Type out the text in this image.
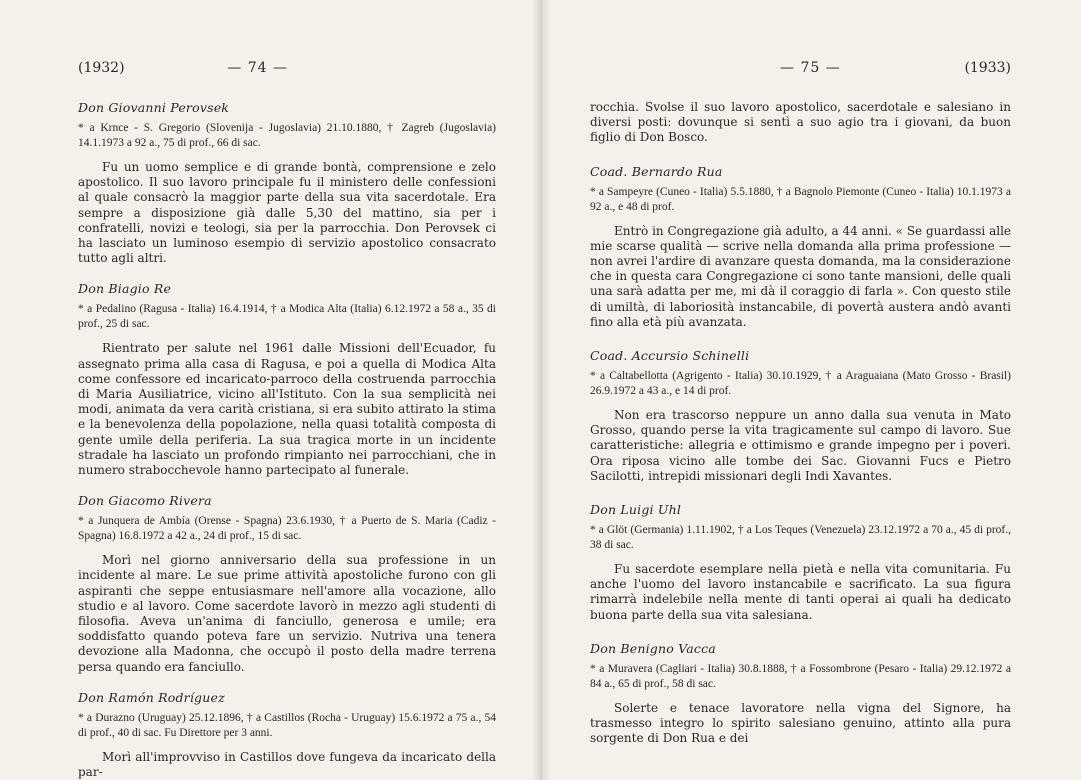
(1932)	— 74 —

Don Giovanni Perovsek

* a Krnce - S. Gregorio (Slovenija - Jugoslavia) 21.10.1880, † Zagreb (Jugoslavia) 14.1.1973 a 92 a., 75 di prof., 66 di sac.

Fu un uomo semplice e di grande bontà, comprensione e zelo apostolico. Il suo lavoro principale fu il ministero delle confessioni al quale consacrò la maggior parte della sua vita sacerdotale. Era sempre a disposizione già dalle 5,30 del mattino, sia per i confratelli, novizi e teologi, sia per la parrocchia. Don Perovsek ci ha lasciato un luminoso esempio di servizio apostolico consacrato tutto agli altri.

Don Biagio Re

* a Pedalino (Ragusa - Italia) 16.4.1914, † a Modica Alta (Italia) 6.12.1972 a 58 a., 35 di prof., 25 di sac.

Rientrato per salute nel 1961 dalle Missioni dell'Ecuador, fu assegnato prima alla casa di Ragusa, e poi a quella di Modica Alta come confessore ed incaricato-parroco della costruenda parrocchia di Maria Ausiliatrice, vicino all'Istituto. Con la sua semplicità nei modi, animata da vera carità cristiana, si era subito attirato la stima e la benevolenza della popolazione, nella quasi totalità composta di gente umile della periferia. La sua tragica morte in un incidente stradale ha lasciato un profondo rimpianto nei parrocchiani, che in numero strabocchevole hanno partecipato al funerale.

Don Giacomo Rivera

* a Junquera de Ambía (Orense - Spagna) 23.6.1930, † a Puerto de S. Maria (Cadiz - Spagna) 16.8.1972 a 42 a., 24 di prof., 15 di sac.

Morì nel giorno anniversario della sua professione in un incidente al mare. Le sue prime attività apostoliche furono con gli aspiranti che seppe entusiasmare nell'amore alla vocazione, allo studio e al lavoro. Come sacerdote lavorò in mezzo agli studenti di filosofia. Aveva un'anima di fanciullo, generosa e umile; era soddisfatto quando poteva fare un servizio. Nutriva una tenera devozione alla Madonna, che occupò il posto della madre terrena persa quando era fanciullo.

Don Ramón Rodríguez

* a Durazno (Uruguay) 25.12.1896, † a Castillos (Rocha - Uruguay) 15.6.1972 a 75 a., 54 di prof., 40 di sac. Fu Direttore per 3 anni.

Morì all'improvviso in Castillos dove fungeva da incaricato della par-

— 75 —	(1933)

rocchia. Svolse il suo lavoro apostolico, sacerdotale e salesiano in diversi posti: dovunque si sentì a suo agio tra i giovani, da buon figlio di Don Bosco.

Coad. Bernardo Rua

* a Sampeyre (Cuneo - Italia) 5.5.1880, † a Bagnolo Piemonte (Cuneo - Italia) 10.1.1973 a 92 a., e 48 di prof.

Entrò in Congregazione già adulto, a 44 anni. « Se guardassi alle mie scarse qualità — scrive nella domanda alla prima professione — non avrei l'ardire di avanzare questa domanda, ma la considerazione che in questa cara Congregazione ci sono tante mansioni, delle quali una sarà adatta per me, mi dà il coraggio di farla ». Con questo stile di umiltà, di laboriosità instancabile, di povertà austera andò avanti fino alla età più avanzata.

Coad. Accursio Schinelli

* a Caltabellotta (Agrigento - Italia) 30.10.1929, † a Araguaiana (Mato Grosso - Brasil) 26.9.1972 a 43 a., e 14 di prof.

Non era trascorso neppure un anno dalla sua venuta in Mato Grosso, quando perse la vita tragicamente sul campo di lavoro. Sue caratteristiche: allegria e ottimismo e grande impegno per i poveri. Ora riposa vicino alle tombe dei Sac. Giovanni Fucs e Pietro Sacilotti, intrepidi missionari degli Indi Xavantes.

Don Luigi Uhl

* a Glöt (Germania) 1.11.1902, † a Los Teques (Venezuela) 23.12.1972 a 70 a., 45 di prof., 38 di sac.

Fu sacerdote esemplare nella pietà e nella vita comunitaria. Fu anche l'uomo del lavoro instancabile e sacrificato. La sua figura rimarrà indelebile nella mente di tanti operai ai quali ha dedicato buona parte della sua vita salesiana.

Don Benigno Vacca

* a Muravera (Cagliari - Italia) 30.8.1888, † a Fossombrone (Pesaro - Italia) 29.12.1972 a 84 a., 65 di prof., 58 di sac.

Solerte e tenace lavoratore nella vigna del Signore, ha trasmesso integro lo spirito salesiano genuino, attinto alla pura sorgente di Don Rua e dei
